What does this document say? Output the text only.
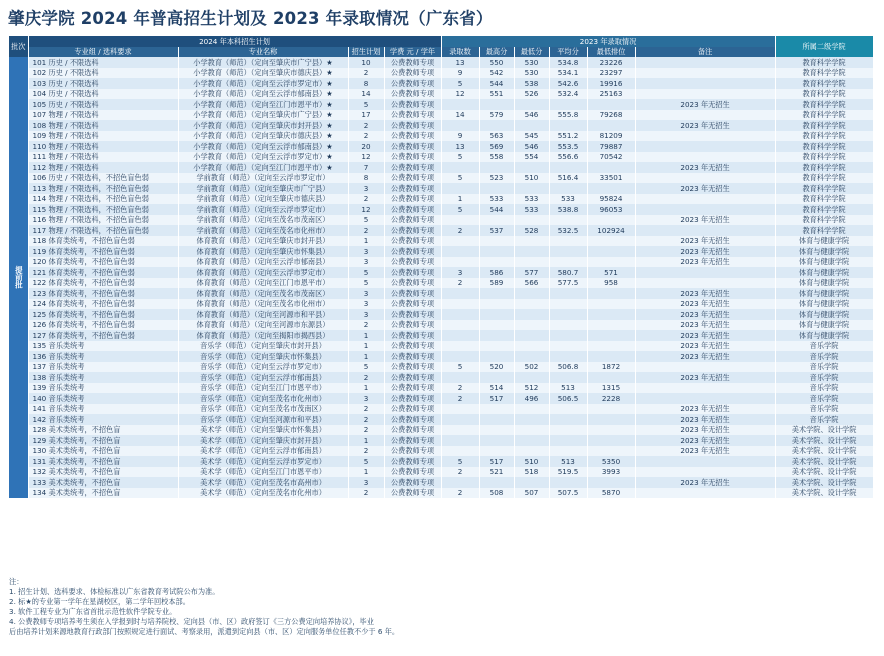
肇庆学院 2024 年普高招生计划及 2023 年录取情况（广东省）
批次	2024 年本科招生计划				2023 年录取情况						所属二级学院
	专业组 / 选科要求	专业名称	招生计划	学费 元 / 学年	录取数	最高分	最低分	平均分	最低排位	备注	
提前批	101 历史 / 不限选科	小学教育（师范）（定向至肇庆市广宁县）★	10	公费教师专项	13	550	530	534.8	23226		教育科学学院
	102 历史 / 不限选科	小学教育（师范）（定向至肇庆市德庆县）★	2	公费教师专项	9	542	530	534.1	23297		教育科学学院
	103 历史 / 不限选科	小学教育（师范）（定向至云浮市罗定市）★	8	公费教师专项	5	544	538	542.6	19916		教育科学学院
	104 历史 / 不限选科	小学教育（师范）（定向至云浮市郁南县）★	14	公费教师专项	12	551	526	532.4	25163		教育科学学院
	105 历史 / 不限选科	小学教育（师范）（定向至江门市恩平市）★	5	公费教师专项						2023 年无招生	教育科学学院
	107 物理 / 不限选科	小学教育（师范）（定向至肇庆市广宁县）★	17	公费教师专项	14	579	546	555.8	79268		教育科学学院
	108 物理 / 不限选科	小学教育（师范）（定向至肇庆市封开县）★	2	公费教师专项						2023 年无招生	教育科学学院
	109 物理 / 不限选科	小学教育（师范）（定向至肇庆市德庆县）★	2	公费教师专项	9	563	545	551.2	81209		教育科学学院
	110 物理 / 不限选科	小学教育（师范）（定向至云浮市郁南县）★	20	公费教师专项	13	569	546	553.5	79887		教育科学学院
	111 物理 / 不限选科	小学教育（师范）（定向至云浮市罗定市）★	12	公费教师专项	5	558	554	556.6	70542		教育科学学院
	112 物理 / 不限选科	小学教育（师范）（定向至江门市恩平市）★	7	公费教师专项						2023 年无招生	教育科学学院
	106 历史 / 不限选科，不招色盲色弱	学前教育（师范）（定向至云浮市罗定市）	8	公费教师专项	5	523	510	516.4	33501		教育科学学院
	113 物理 / 不限选科，不招色盲色弱	学前教育（师范）（定向至肇庆市广宁县）	3	公费教师专项						2023 年无招生	教育科学学院
	114 物理 / 不限选科，不招色盲色弱	学前教育（师范）（定向至肇庆市德庆县）	2	公费教师专项	1	533	533	533	95824		教育科学学院
	115 物理 / 不限选科，不招色盲色弱	学前教育（师范）（定向至云浮市罗定市）	12	公费教师专项	5	544	533	538.8	96053		教育科学学院
	116 物理 / 不限选科，不招色盲色弱	学前教育（师范）（定向至茂名市茂南区）	5	公费教师专项						2023 年无招生	教育科学学院
	117 物理 / 不限选科，不招色盲色弱	学前教育（师范）（定向至茂名市化州市）	2	公费教师专项	2	537	528	532.5	102924		教育科学学院
	118 体育类统考，不招色盲色弱	体育教育（师范）（定向至肇庆市封开县）	1	公费教师专项						2023 年无招生	体育与健康学院
	119 体育类统考，不招色盲色弱	体育教育（师范）（定向至肇庆市怀集县）	3	公费教师专项						2023 年无招生	体育与健康学院
	120 体育类统考，不招色盲色弱	体育教育（师范）（定向至云浮市郁南县）	3	公费教师专项						2023 年无招生	体育与健康学院
	121 体育类统考，不招色盲色弱	体育教育（师范）（定向至云浮市罗定市）	5	公费教师专项	3	586	577	580.7	571		体育与健康学院
	122 体育类统考，不招色盲色弱	体育教育（师范）（定向至江门市恩平市）	5	公费教师专项	2	589	566	577.5	958		体育与健康学院
	123 体育类统考，不招色盲色弱	体育教育（师范）（定向至茂名市茂南区）	3	公费教师专项						2023 年无招生	体育与健康学院
	124 体育类统考，不招色盲色弱	体育教育（师范）（定向至茂名市化州市）	3	公费教师专项						2023 年无招生	体育与健康学院
	125 体育类统考，不招色盲色弱	体育教育（师范）（定向至河源市和平县）	3	公费教师专项						2023 年无招生	体育与健康学院
	126 体育类统考，不招色盲色弱	体育教育（师范）（定向至河源市东源县）	2	公费教师专项						2023 年无招生	体育与健康学院
	127 体育类统考，不招色盲色弱	体育教育（师范）（定向至揭阳市揭西县）	1	公费教师专项						2023 年无招生	体育与健康学院
	135 音乐类统考	音乐学（师范）（定向至肇庆市封开县）	1	公费教师专项						2023 年无招生	音乐学院
	136 音乐类统考	音乐学（师范）（定向至肇庆市怀集县）	1	公费教师专项						2023 年无招生	音乐学院
	137 音乐类统考	音乐学（师范）（定向至云浮市罗定市）	5	公费教师专项	5	520	502	506.8	1872		音乐学院
	138 音乐类统考	音乐学（师范）（定向至云浮市郁南县）	2	公费教师专项						2023 年无招生	音乐学院
	139 音乐类统考	音乐学（师范）（定向至江门市恩平市）	1	公费教师专项	2	514	512	513	1315		音乐学院
	140 音乐类统考	音乐学（师范）（定向至茂名市化州市）	3	公费教师专项	2	517	496	506.5	2228		音乐学院
	141 音乐类统考	音乐学（师范）（定向至茂名市茂南区）	2	公费教师专项						2023 年无招生	音乐学院
	142 音乐类统考	音乐学（师范）（定向至河源市和平县）	2	公费教师专项						2023 年无招生	音乐学院
	128 美术类统考，不招色盲	美术学（师范）（定向至肇庆市怀集县）	2	公费教师专项						2023 年无招生	美术学院、设计学院
	129 美术类统考，不招色盲	美术学（师范）（定向至肇庆市封开县）	1	公费教师专项						2023 年无招生	美术学院、设计学院
	130 美术类统考，不招色盲	美术学（师范）（定向至云浮市郁南县）	2	公费教师专项						2023 年无招生	美术学院、设计学院
	131 美术类统考，不招色盲	美术学（师范）（定向至云浮市罗定市）	5	公费教师专项	5	517	510	513	5350		美术学院、设计学院
	132 美术类统考，不招色盲	美术学（师范）（定向至江门市恩平市）	1	公费教师专项	2	521	518	519.5	3993		美术学院、设计学院
	133 美术类统考，不招色盲	美术学（师范）（定向至茂名市高州市）	3	公费教师专项						2023 年无招生	美术学院、设计学院
	134 美术类统考，不招色盲	美术学（师范）（定向至茂名市化州市）	2	公费教师专项	2	508	507	507.5	5870		美术学院、设计学院
注：
1. 招生计划、选科要求、体检标准以广东省教育考试院公布为准。
2. 标★的专业第一学年在星湖校区，第二学年回校本部。
3. 软件工程专业为广东省首批示范性软件学院专业。
4. 公费教师专项培养考生须在入学报到时与培养院校、定向县（市、区）政府签订《三方公费定向培养协议》，毕业
后由培养计划来源地教育行政部门按照规定进行面试、考察录用，派遣到定向县（市、区）定向服务单位任教不少于 6 年。
